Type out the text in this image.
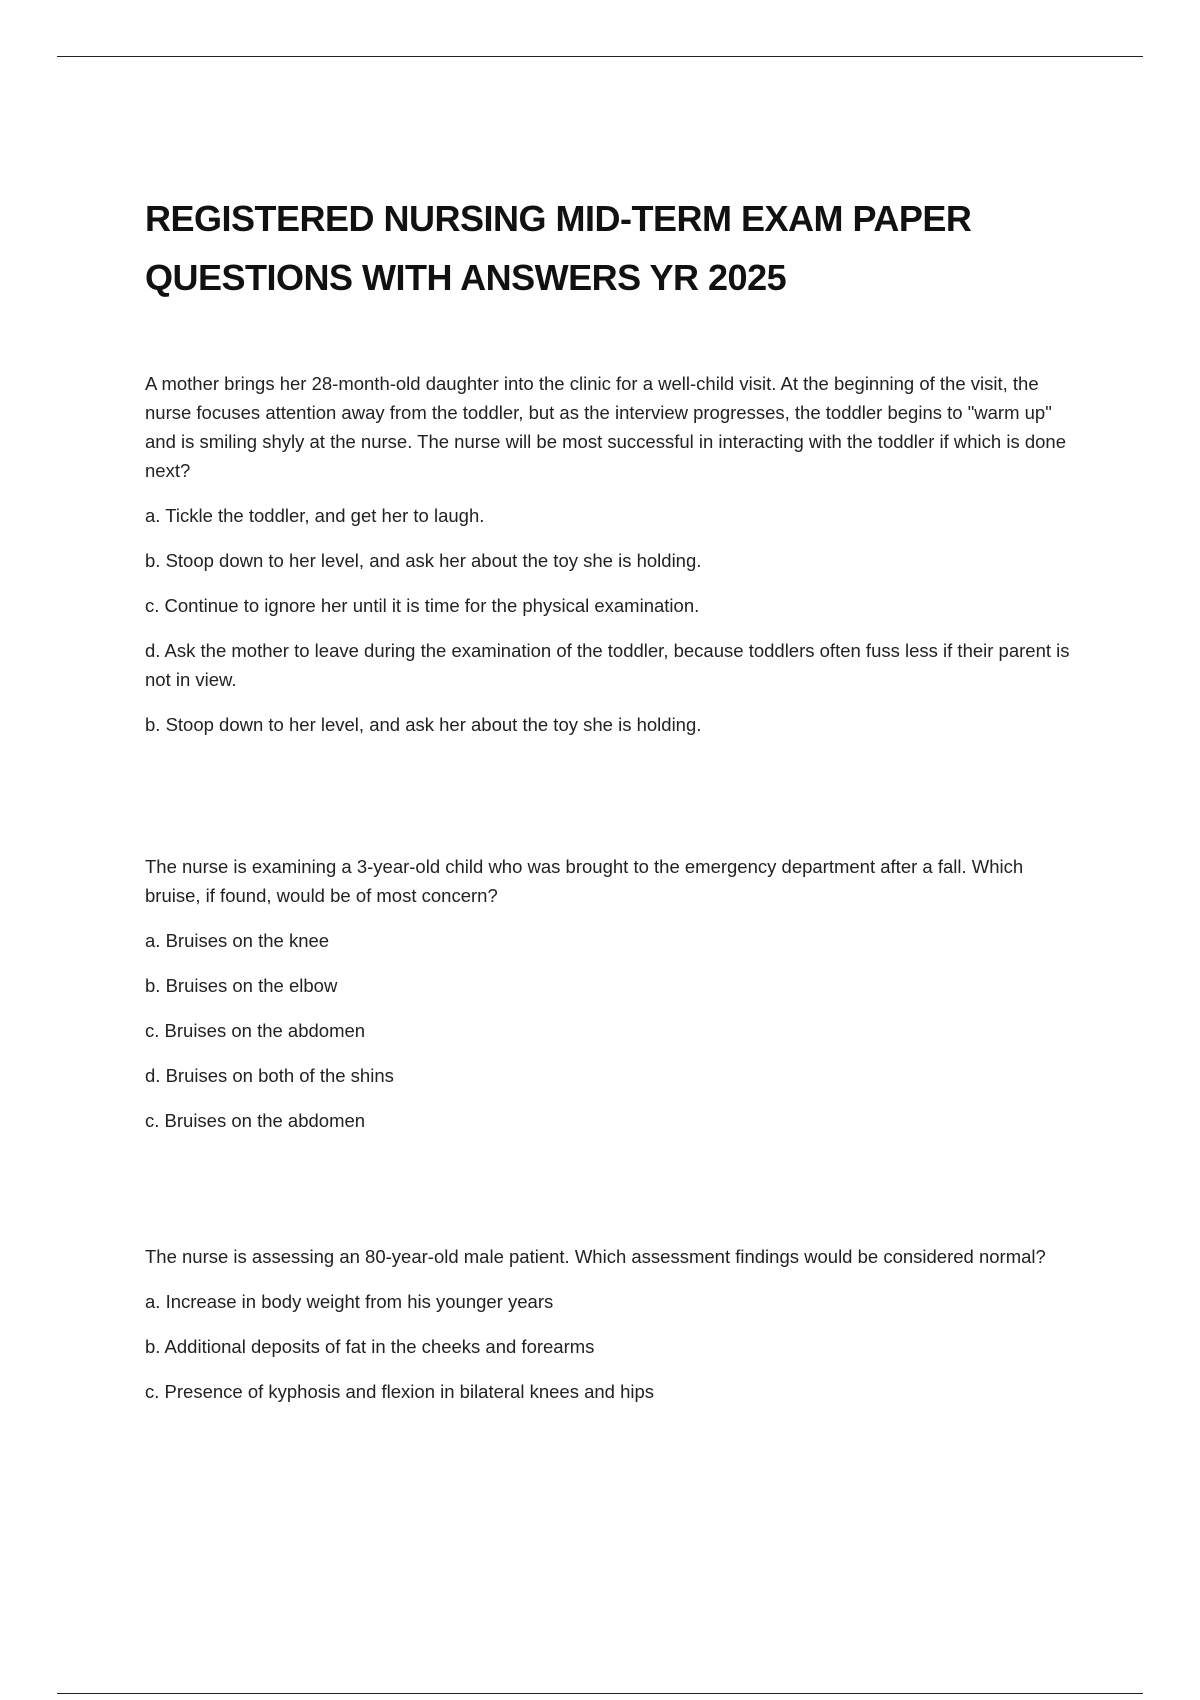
REGISTERED NURSING MID-TERM EXAM PAPER
QUESTIONS WITH ANSWERS YR 2025

A mother brings her 28-month-old daughter into the clinic for a well-child visit. At the beginning of the visit, the nurse focuses attention away from the toddler, but as the interview progresses, the toddler begins to "warm up" and is smiling shyly at the nurse. The nurse will be most successful in interacting with the toddler if which is done next?

a. Tickle the toddler, and get her to laugh.
b. Stoop down to her level, and ask her about the toy she is holding.
c. Continue to ignore her until it is time for the physical examination.
d. Ask the mother to leave during the examination of the toddler, because toddlers often fuss less if their parent is not in view.

b. Stoop down to her level, and ask her about the toy she is holding.

The nurse is examining a 3-year-old child who was brought to the emergency department after a fall. Which bruise, if found, would be of most concern?

a. Bruises on the knee
b. Bruises on the elbow
c. Bruises on the abdomen
d. Bruises on both of the shins

c. Bruises on the abdomen

The nurse is assessing an 80-year-old male patient. Which assessment findings would be considered normal?

a. Increase in body weight from his younger years
b. Additional deposits of fat in the cheeks and forearms
c. Presence of kyphosis and flexion in bilateral knees and hips
